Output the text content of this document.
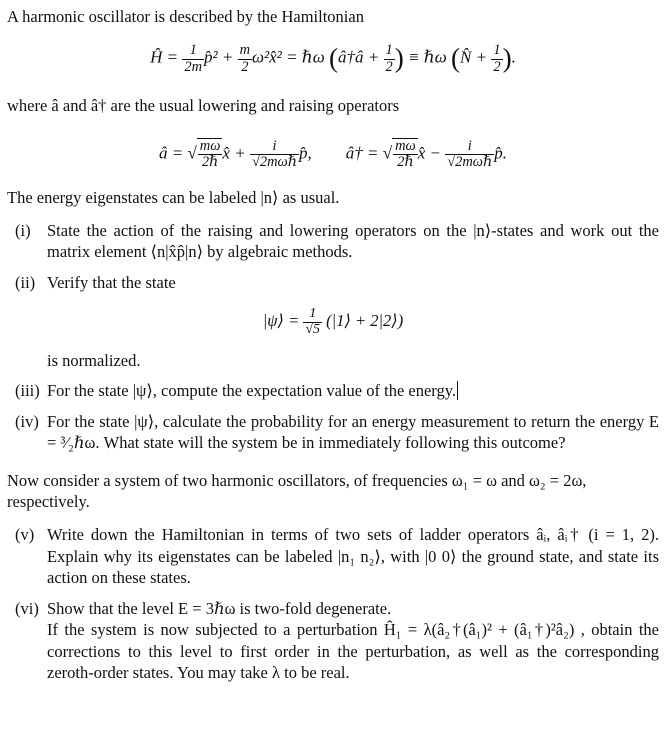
A harmonic oscillator is described by the Hamiltonian

Ĥ = $\frac{1}{2m}$ p̂² + $\frac{m}{2}$ ω²x̂² = ℏω (â†â + $\frac{1}{2}$ ) ≡ ℏω (N̂ + $\frac{1}{2}$ ).

where â and â† are the usual lowering and raising operators

â = √ $\frac{m\omega}{\text{2ℏ}}$ x̂ + $\frac{i}{\text{√2mωℏ}}$ p̂, â† = √ $\frac{m\omega}{\text{2ℏ}}$ x̂ − $\frac{i}{\text{√2mωℏ}}$ p̂.

The energy eigenstates can be labeled |n⟩ as usual.

(i) State the action of the raising and lowering operators on the |n⟩-states and work out the matrix element ⟨n|x̂p̂|n⟩ by algebraic methods.
(ii) Verify that the state
|ψ⟩ = $\frac{1}{√5}$ (|1⟩ + 2|2⟩)
is normalized.
(iii) For the state |ψ⟩, compute the expectation value of the energy.
(iv) For the state |ψ⟩, calculate the probability for an energy measurement to return the energy E = ³⁄₂ℏω. What state will the system be in immediately following this outcome?

Now consider a system of two harmonic oscillators, of frequencies ω₁ = ω and ω₂ = 2ω, respectively.

(v) Write down the Hamiltonian in terms of two sets of ladder operators âᵢ, âᵢ† (i = 1, 2). Explain why its eigenstates can be labeled |n₁ n₂⟩, with |0 0⟩ the ground state, and state its action on these states.
(vi) Show that the level E = 3ℏω is two-fold degenerate.
If the system is now subjected to a perturbation Ĥ₁ = λ(â₂†(â₁)² + (â₁†)²â₂) , obtain the corrections to this level to first order in the perturbation, as well as the corresponding zeroth-order states. You may take λ to be real.
